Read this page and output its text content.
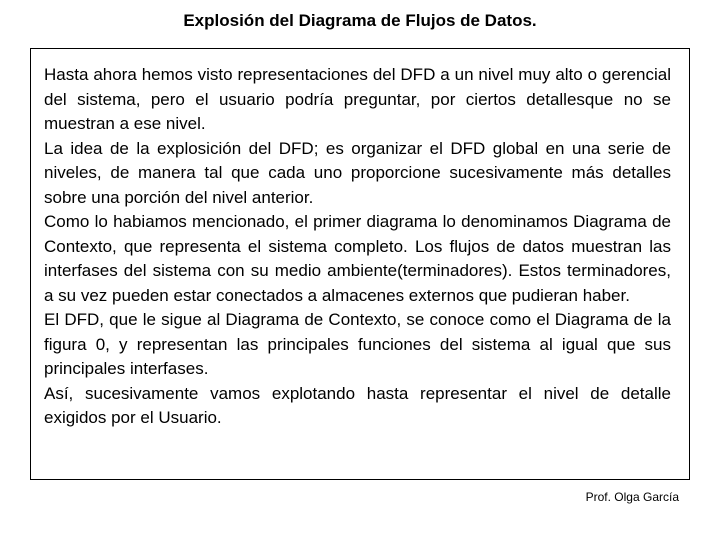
Explosión del Diagrama de Flujos de Datos.

Hasta ahora hemos visto representaciones del DFD a un nivel muy alto o gerencial del sistema, pero el usuario podría preguntar, por ciertos detallesque no se muestran a ese nivel.

La idea de la explosición del DFD; es organizar el DFD global en una serie de niveles, de manera tal que cada uno proporcione sucesivamente más detalles sobre una porción del nivel anterior.

Como lo habiamos mencionado, el primer diagrama lo denominamos Diagrama de Contexto, que representa el sistema completo. Los flujos de datos muestran las interfases del sistema con su medio ambiente(terminadores). Estos terminadores, a su vez pueden estar conectados a almacenes externos que pudieran haber.

El DFD, que le sigue al Diagrama de Contexto, se conoce como el Diagrama de la figura 0, y representan las principales funciones del sistema al igual que sus principales interfases.

Así, sucesivamente vamos explotando hasta representar el nivel de detalle exigidos por el Usuario.

Prof. Olga García
